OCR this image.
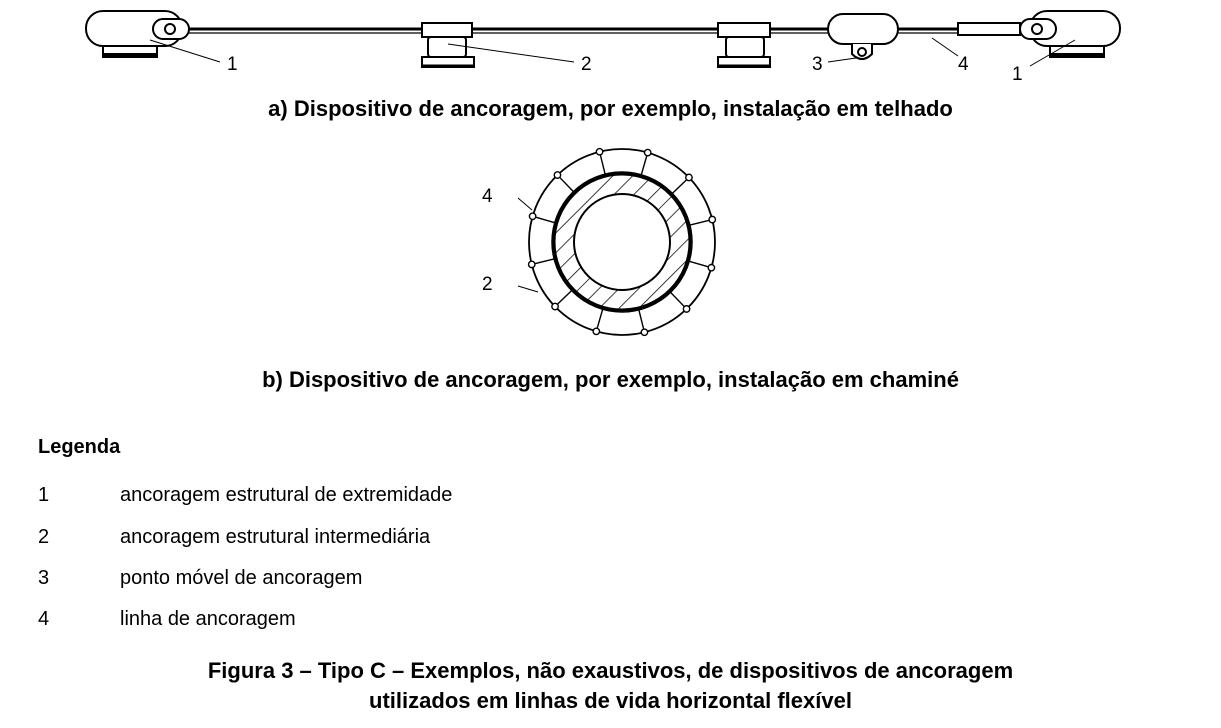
1	2	3	4 1
a) Dispositivo de ancoragem, por exemplo, instalação em telhado
4
2
b) Dispositivo de ancoragem, por exemplo, instalação em chaminé
Legenda
1	ancoragem estrutural de extremidade
2	ancoragem estrutural intermediária
3	ponto móvel de ancoragem
4	linha de ancoragem
Figura 3 – Tipo C – Exemplos, não exaustivos, de dispositivos de ancoragem
utilizados em linhas de vida horizontal flexível
